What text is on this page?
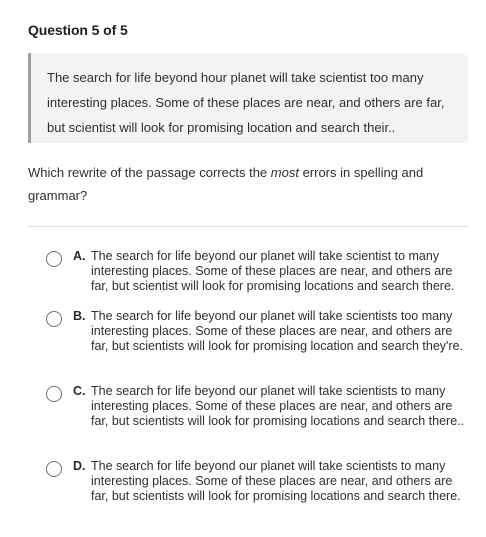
Question 5 of 5
The search for life beyond hour planet will take scientist too many interesting places. Some of these places are near, and others are far, but scientist will look for promising location and search their..
Which rewrite of the passage corrects the most errors in spelling and grammar?
A. The search for life beyond our planet will take scientist to many interesting places. Some of these places are near, and others are far, but scientist will look for promising locations and search there.
B. The search for life beyond our planet will take scientists too many interesting places. Some of these places are near, and others are far, but scientists will look for promising location and search they're.
C. The search for life beyond our planet will take scientists to many interesting places. Some of these places are near, and others are far, but scientists will look for promising locations and search there..
D. The search for life beyond our planet will take scientists to many interesting places. Some of these places are near, and others are far, but scientists will look for promising locations and search there.
